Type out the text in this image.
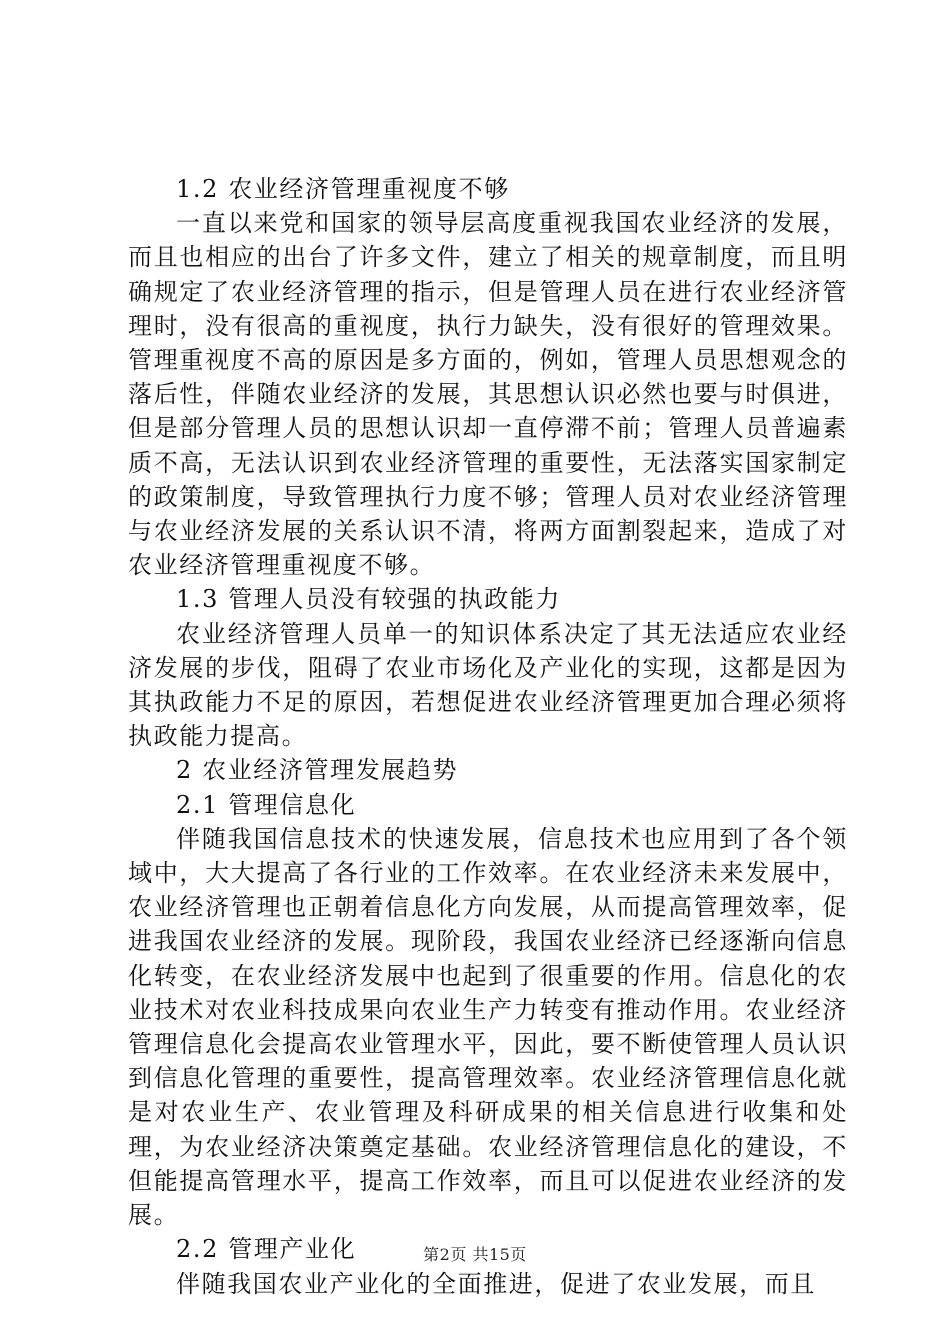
1.2 农业经济管理重视度不够

一直以来党和国家的领导层高度重视我国农业经济的发展，而且也相应的出台了许多文件，建立了相关的规章制度，而且明确规定了农业经济管理的指示，但是管理人员在进行农业经济管理时，没有很高的重视度，执行力缺失，没有很好的管理效果。管理重视度不高的原因是多方面的，例如，管理人员思想观念的落后性，伴随农业经济的发展，其思想认识必然也要与时俱进，但是部分管理人员的思想认识却一直停滞不前；管理人员普遍素质不高，无法认识到农业经济管理的重要性，无法落实国家制定的政策制度，导致管理执行力度不够；管理人员对农业经济管理与农业经济发展的关系认识不清，将两方面割裂起来，造成了对农业经济管理重视度不够。

1.3 管理人员没有较强的执政能力

农业经济管理人员单一的知识体系决定了其无法适应农业经济发展的步伐，阻碍了农业市场化及产业化的实现，这都是因为其执政能力不足的原因，若想促进农业经济管理更加合理必须将执政能力提高。

2 农业经济管理发展趋势

2.1 管理信息化

伴随我国信息技术的快速发展，信息技术也应用到了各个领域中，大大提高了各行业的工作效率。在农业经济未来发展中，农业经济管理也正朝着信息化方向发展，从而提高管理效率，促进我国农业经济的发展。现阶段，我国农业经济已经逐渐向信息化转变，在农业经济发展中也起到了很重要的作用。信息化的农业技术对农业科技成果向农业生产力转变有推动作用。农业经济管理信息化会提高农业管理水平，因此，要不断使管理人员认识到信息化管理的重要性，提高管理效率。农业经济管理信息化就是对农业生产、农业管理及科研成果的相关信息进行收集和处理，为农业经济决策奠定基础。农业经济管理信息化的建设，不但能提高管理水平，提高工作效率，而且可以促进农业经济的发展。

2.2 管理产业化

伴随我国农业产业化的全面推进，促进了农业发展，而且

第2页 共15页
